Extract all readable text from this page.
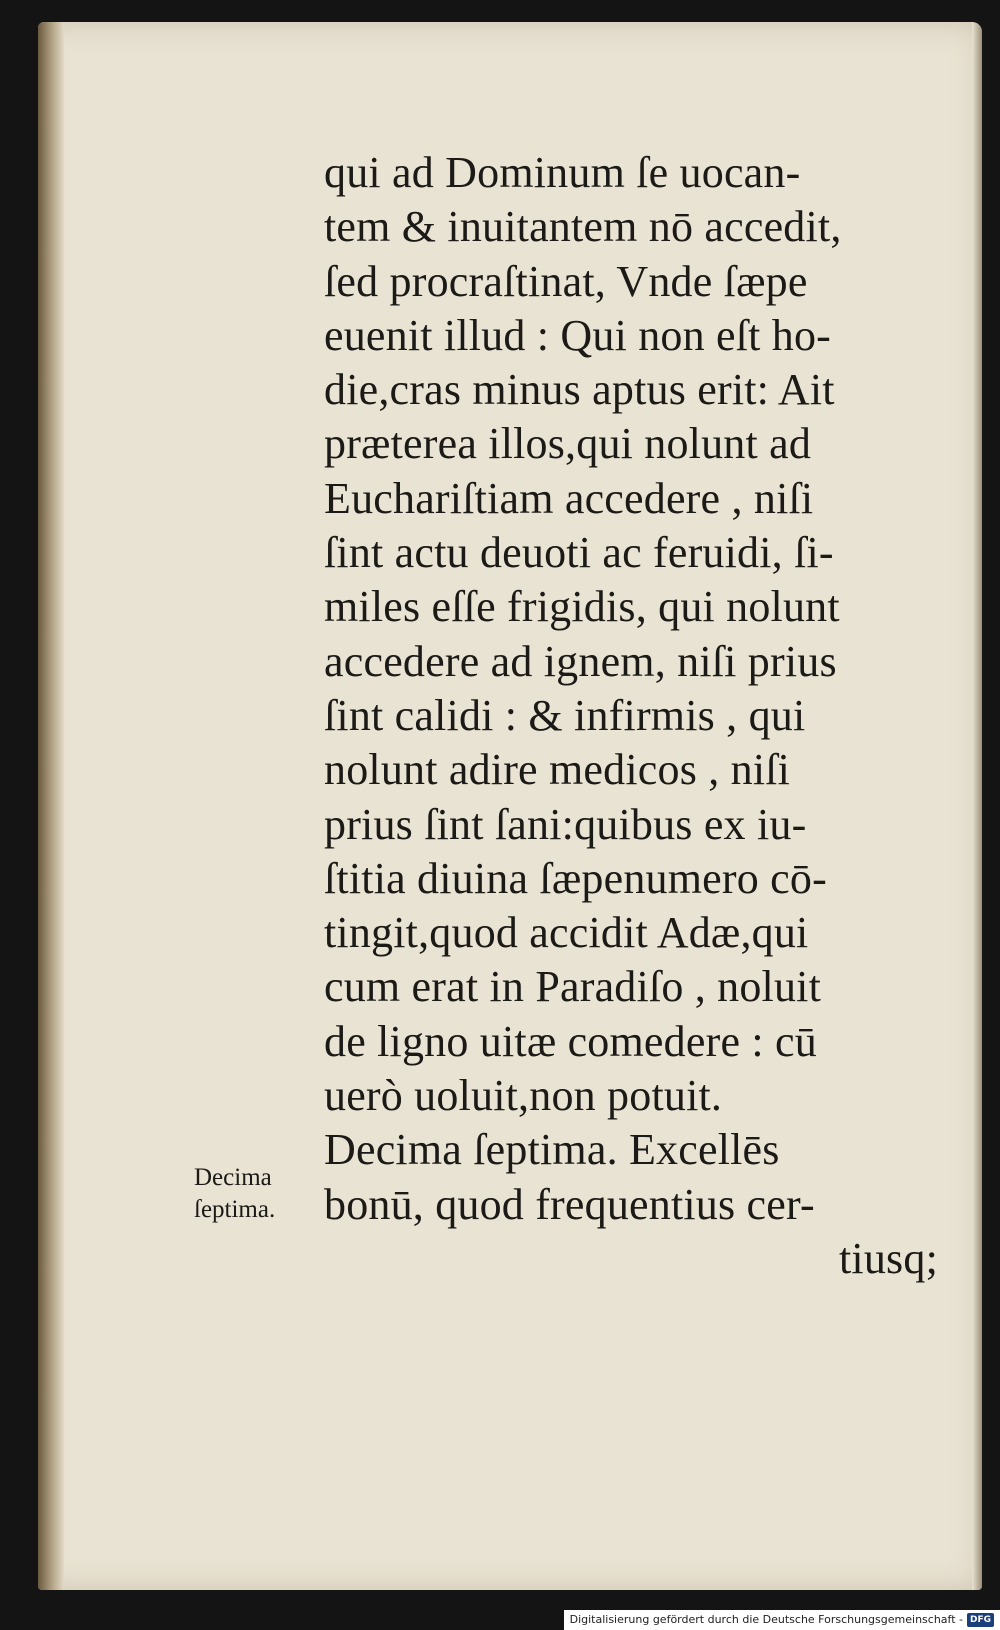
qui ad Dominum ſe uocan-
tem & inuitantem nō accedit,
ſed procraſtinat, Vnde ſæpe
euenit illud : Qui non eſt ho-
die,cras minus aptus erit: Ait
præterea illos,qui nolunt ad
Euchariſtiam accedere , niſi
ſint actu deuoti ac feruidi, ſi-
miles eſſe frigidis, qui nolunt
accedere ad ignem, niſi prius
ſint calidi : & infirmis , qui
nolunt adire medicos , niſi
prius ſint ſani:quibus ex iu-
ſtitia diuina ſæpenumero cō-
tingit,quod accidit Adæ,qui
cum erat in Paradiſo , noluit
de ligno uitæ comedere : cū
uerò uoluit,non potuit.
Decima ſeptima. Excellēs
bonū, quod frequentius cer-
tiusq;
Decima
ſeptima.
Digitalisierung gefördert durch die Deutsche Forschungsgemeinschaft - DFG
